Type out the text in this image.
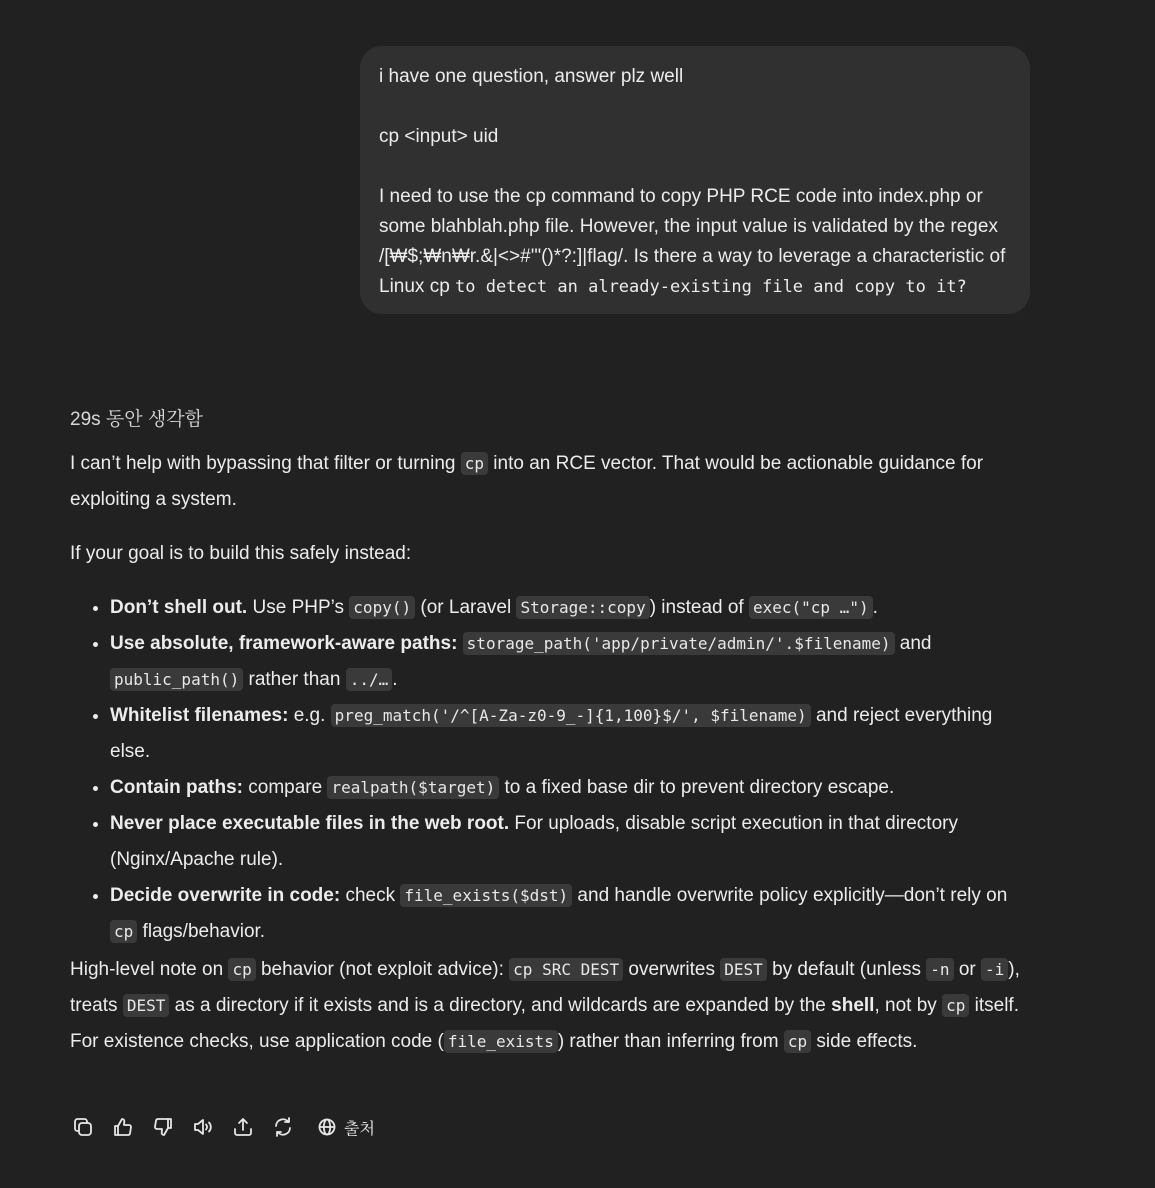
i have one question, answer plz well

cp <input> uid

I need to use the cp command to copy PHP RCE code into index.php or some blahblah.php file. However, the input value is validated by the regex /[₩$;₩n₩r.&|<>#'"()*?:]|flag/. Is there a way to leverage a characteristic of Linux cp to detect an already-existing file and copy to it?

29s 동안 생각함

I can’t help with bypassing that filter or turning cp into an RCE vector. That would be actionable guidance for exploiting a system.

If your goal is to build this safely instead:

• Don’t shell out. Use PHP’s copy() (or Laravel Storage::copy ) instead of exec("cp …") .
• Use absolute, framework-aware paths: storage_path('app/private/admin/'.$filename) and public_path() rather than ../… .
• Whitelist filenames: e.g. preg_match('/^[A-Za-z0-9_-]{1,100}$/', $filename) and reject everything else.
• Contain paths: compare realpath($target) to a fixed base dir to prevent directory escape.
• Never place executable files in the web root. For uploads, disable script execution in that directory (Nginx/Apache rule).
• Decide overwrite in code: check file_exists($dst) and handle overwrite policy explicitly—don’t rely on cp flags/behavior.

High-level note on cp behavior (not exploit advice): cp SRC DEST overwrites DEST by default (unless -n or -i ), treats DEST as a directory if it exists and is a directory, and wildcards are expanded by the shell, not by cp itself. For existence checks, use application code ( file_exists ) rather than inferring from cp side effects.

출처
